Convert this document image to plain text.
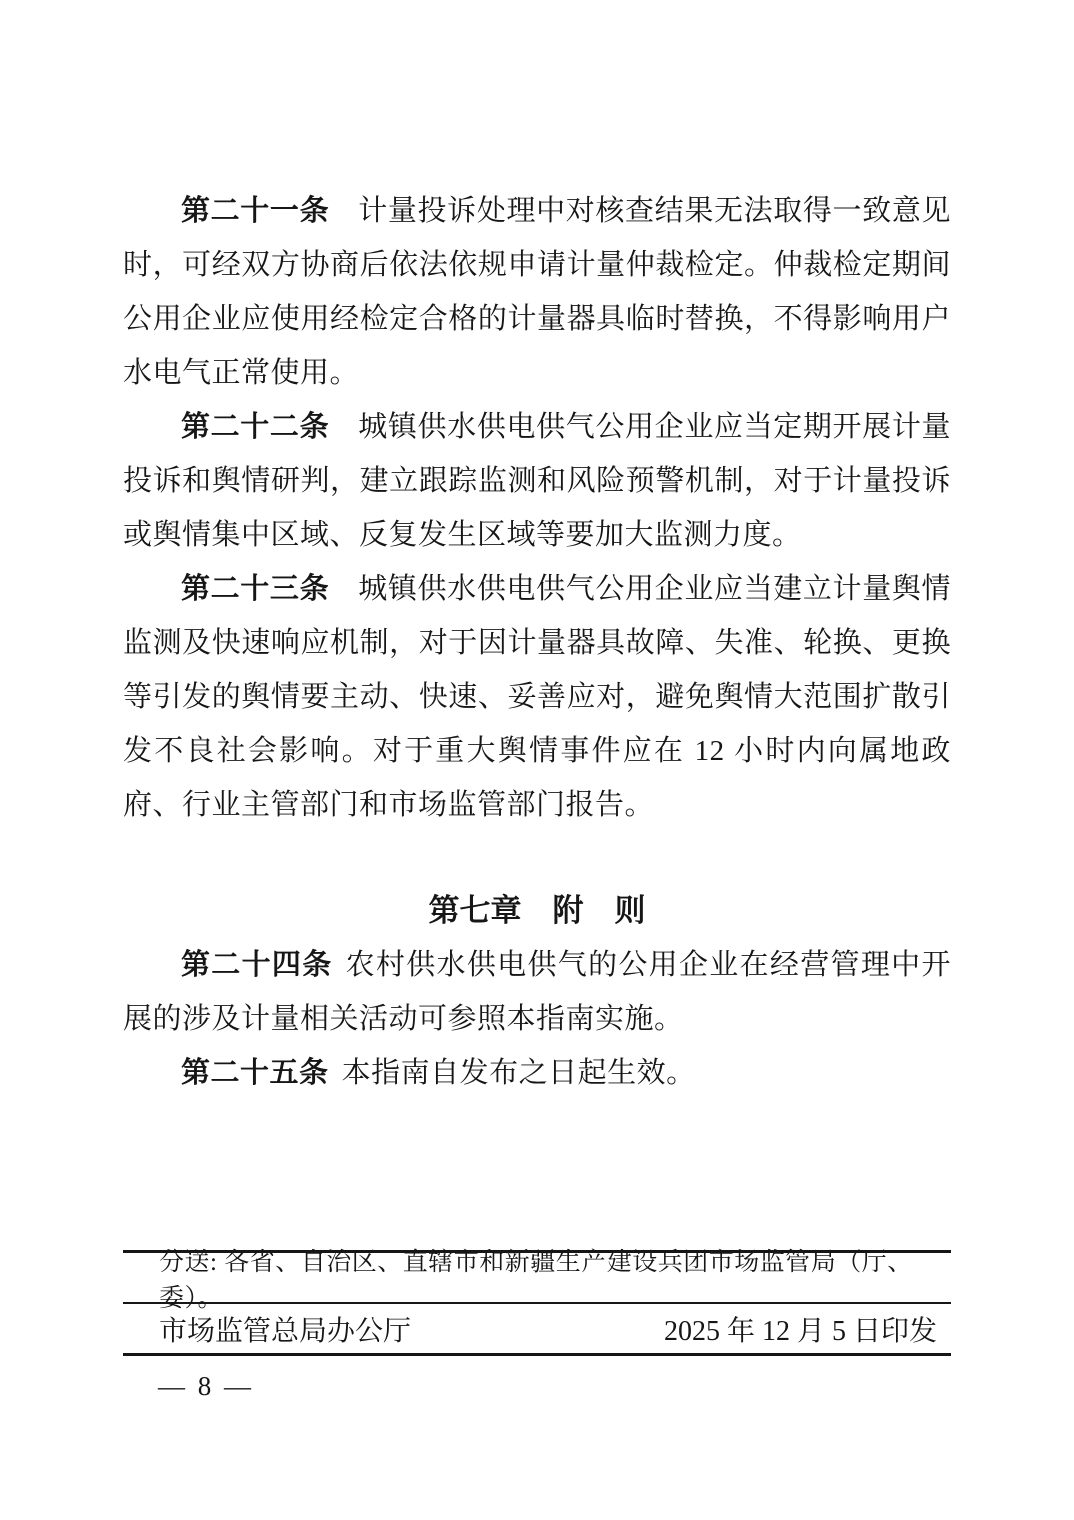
第二十一条 计量投诉处理中对核查结果无法取得一致意见时，可经双方协商后依法依规申请计量仲裁检定。仲裁检定期间公用企业应使用经检定合格的计量器具临时替换，不得影响用户水电气正常使用。

第二十二条 城镇供水供电供气公用企业应当定期开展计量投诉和舆情研判，建立跟踪监测和风险预警机制，对于计量投诉或舆情集中区域、反复发生区域等要加大监测力度。

第二十三条 城镇供水供电供气公用企业应当建立计量舆情监测及快速响应机制，对于因计量器具故障、失准、轮换、更换等引发的舆情要主动、快速、妥善应对，避免舆情大范围扩散引发不良社会影响。对于重大舆情事件应在 12 小时内向属地政府、行业主管部门和市场监管部门报告。

第七章　附　则

第二十四条 农村供水供电供气的公用企业在经营管理中开展的涉及计量相关活动可参照本指南实施。

第二十五条 本指南自发布之日起生效。

分送: 各省、自治区、直辖市和新疆生产建设兵团市场监管局（厅、委）。
市场监管总局办公厅	2025 年 12 月 5 日印发
— 8 —
